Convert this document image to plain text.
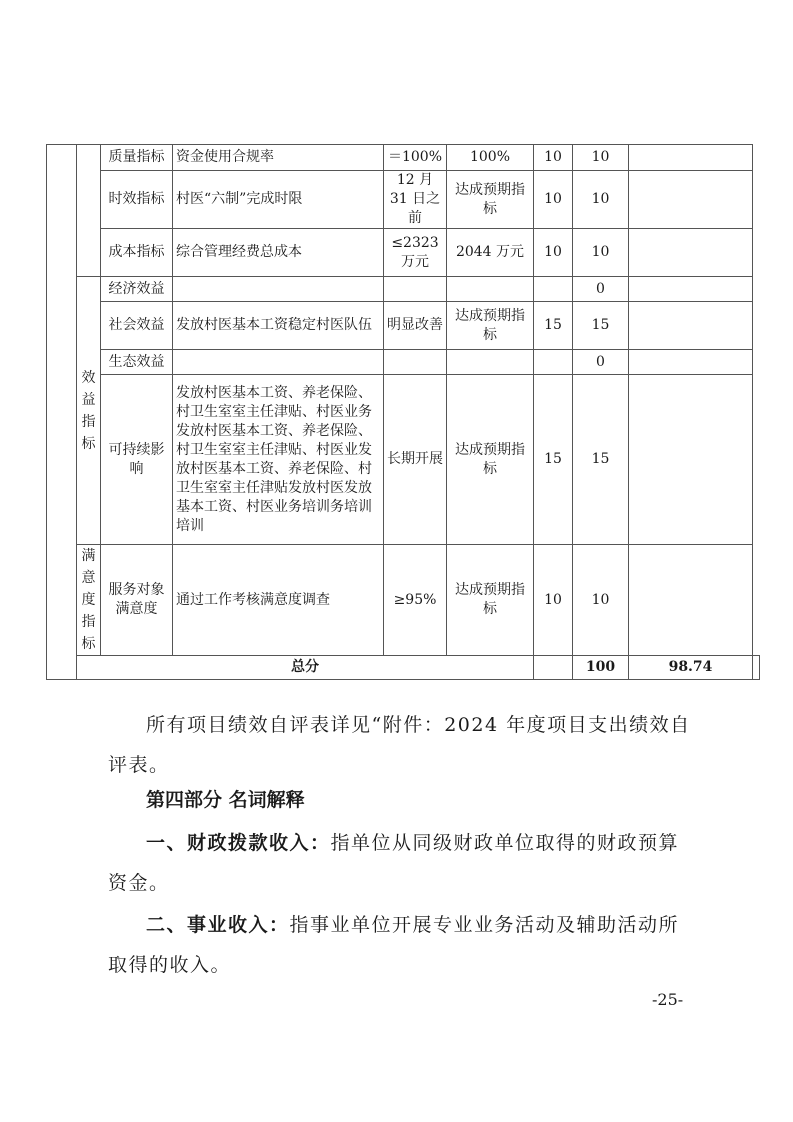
		质量指标	资金使用合规率	＝100%	100%	10	10		
		时效指标	村医“六制”完成时限	12 月 31 日之前	达成预期指标	10	10		
		成本指标	综合管理经费总成本	≤2323 万元	2044 万元	10	10		
	效益指标	经济效益					0		
		社会效益	发放村医基本工资稳定村医队伍	明显改善	达成预期指标	15	15		
		生态效益					0		
		可持续影响	发放村医基本工资、养老保险、村卫生室室主任津贴、村医业务发放村医基本工资、养老保险、村卫生室室主任津贴、村医业发放村医基本工资、养老保险、村卫生室室主任津贴发放村医发放基本工资、村医业务培训务培训培训	长期开展	达成预期指标	15	15		
	满意度指标	服务对象满意度	通过工作考核满意度调查	≥95%	达成预期指标	10	10		
	总分						100	98.74	
所有项目绩效自评表详见“附件：2024 年度项目支出绩效自评表。
第四部分 名词解释
一、财政拨款收入：指单位从同级财政单位取得的财政预算资金。
二、事业收入：指事业单位开展专业业务活动及辅助活动所取得的收入。
-25-
